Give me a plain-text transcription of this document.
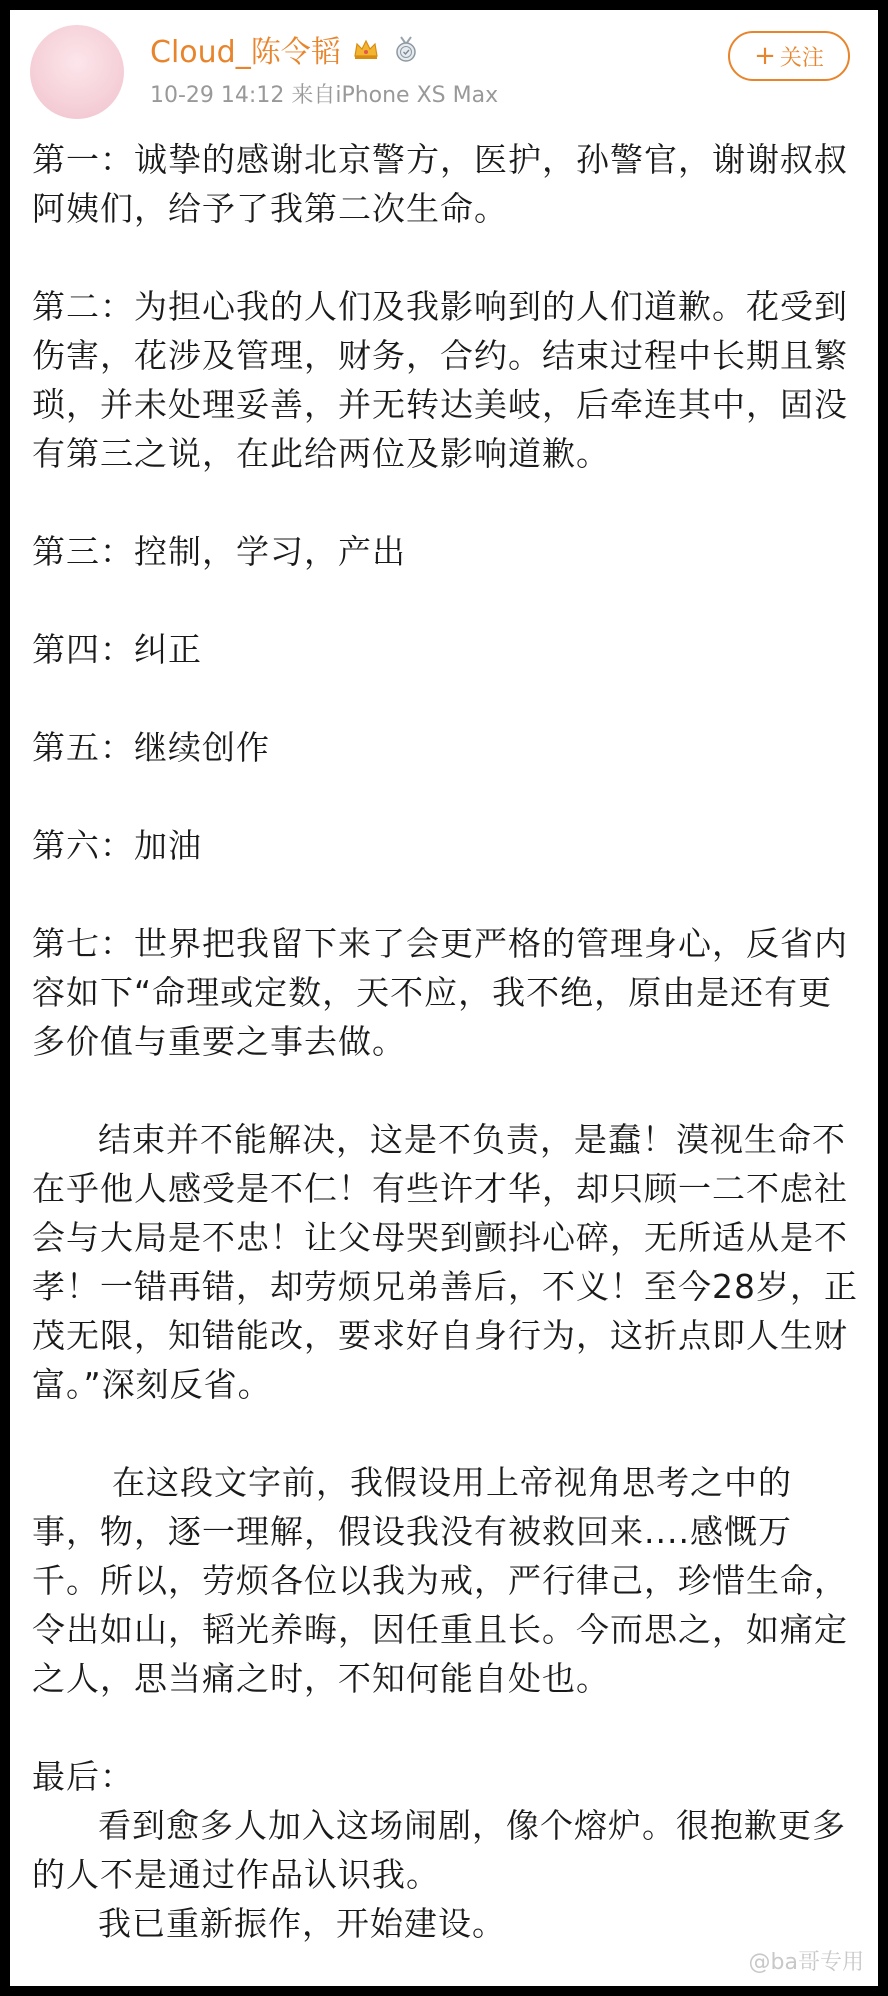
Cloud_陈令韬
10-29 14:12 来自iPhone XS Max
+ 关注

第一：诚挚的感谢北京警方，医护，孙警官，谢谢叔叔阿姨们，给予了我第二次生命。

第二：为担心我的人们及我影响到的人们道歉。花受到伤害，花涉及管理，财务，合约。结束过程中长期且繁琐，并未处理妥善，并无转达美岐，后牵连其中，固没有第三之说，在此给两位及影响道歉。

第三：控制，学习，产出

第四：纠正

第五：继续创作

第六：加油

第七：世界把我留下来了会更严格的管理身心，反省内容如下“命理或定数，天不应，我不绝，原由是还有更多价值与重要之事去做。

结束并不能解决，这是不负责，是蠢！漠视生命不在乎他人感受是不仁！有些许才华，却只顾一二不虑社会与大局是不忠！让父母哭到颤抖心碎，无所适从是不孝！一错再错，却劳烦兄弟善后，不义！至今28岁，正茂无限，知错能改，要求好自身行为，这折点即人生财富。”深刻反省。

在这段文字前，我假设用上帝视角思考之中的事，物，逐一理解，假设我没有被救回来....感慨万千。所以，劳烦各位以我为戒，严行律己，珍惜生命，令出如山，韬光养晦，因任重且长。今而思之，如痛定之人，思当痛之时，不知何能自处也。

最后：

看到愈多人加入这场闹剧，像个熔炉。很抱歉更多的人不是通过作品认识我。

我已重新振作，开始建设。

@ba哥专用
